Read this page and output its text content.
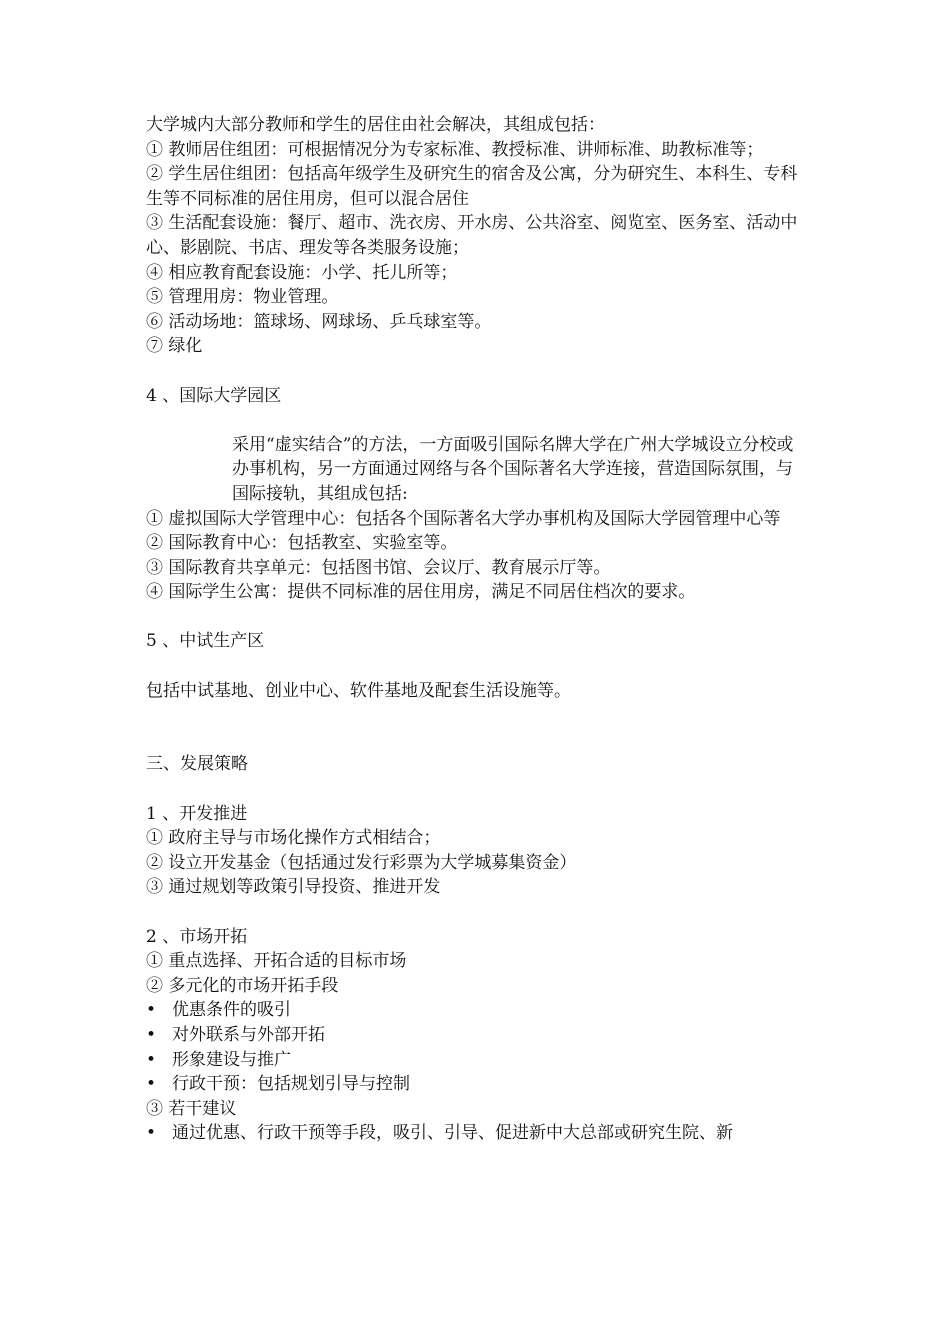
大学城内大部分教师和学生的居住由社会解决，其组成包括：
① 教师居住组团：可根据情况分为专家标准、教授标准、讲师标准、助教标准等；
② 学生居住组团：包括高年级学生及研究生的宿舍及公寓，分为研究生、本科生、专科生等不同标准的居住用房，但可以混合居住
③ 生活配套设施：餐厅、超市、洗衣房、开水房、公共浴室、阅览室、医务室、活动中心、影剧院、书店、理发等各类服务设施；
④ 相应教育配套设施：小学、托儿所等；
⑤ 管理用房：物业管理。
⑥ 活动场地：篮球场、网球场、乒乓球室等。
⑦ 绿化
4 、国际大学园区
采用“虚实结合”的方法，一方面吸引国际名牌大学在广州大学城设立分校或办事机构，另一方面通过网络与各个国际著名大学连接，营造国际氛围，与国际接轨，其组成包括:
① 虚拟国际大学管理中心：包括各个国际著名大学办事机构及国际大学园管理中心等
② 国际教育中心：包括教室、实验室等。
③ 国际教育共享单元：包括图书馆、会议厅、教育展示厅等。
④ 国际学生公寓：提供不同标准的居住用房，满足不同居住档次的要求。
5 、中试生产区
包括中试基地、创业中心、软件基地及配套生活设施等。
三、发展策略
1 、开发推进
① 政府主导与市场化操作方式相结合；
② 设立开发基金（包括通过发行彩票为大学城募集资金）
③ 通过规划等政策引导投资、推进开发
2 、市场开拓
① 重点选择、开拓合适的目标市场
② 多元化的市场开拓手段
• 优惠条件的吸引
• 对外联系与外部开拓
• 形象建设与推广
• 行政干预：包括规划引导与控制
③ 若干建议
• 通过优惠、行政干预等手段，吸引、引导、促进新中大总部或研究生院、新
